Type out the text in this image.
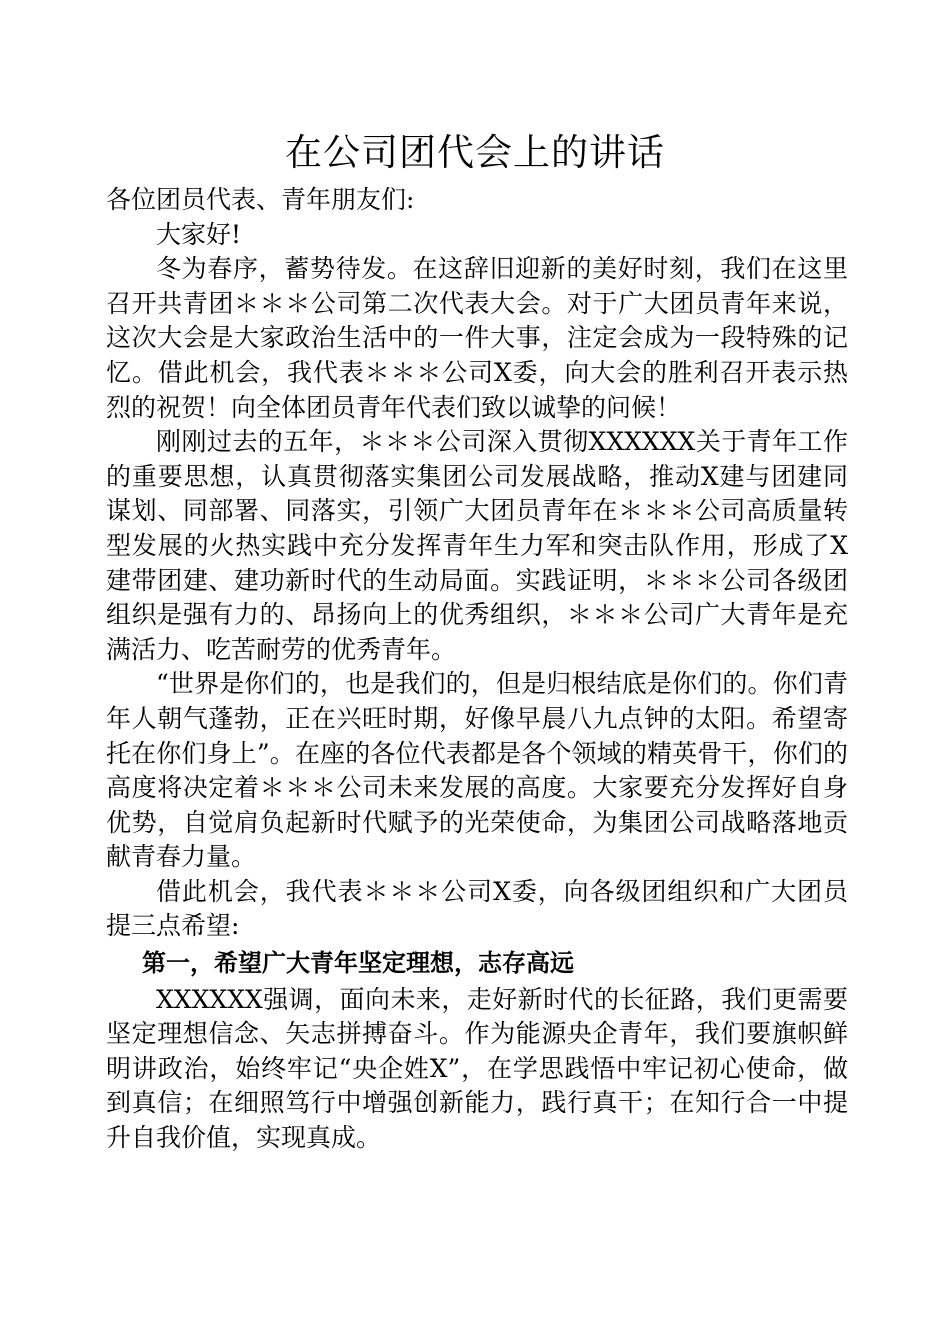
在公司团代会上的讲话

各位团员代表、青年朋友们:

大家好!

冬为春序，蓄势待发。在这辞旧迎新的美好时刻，我们在这里召开共青团＊＊＊公司第二次代表大会。对于广大团员青年来说，这次大会是大家政治生活中的一件大事，注定会成为一段特殊的记忆。借此机会，我代表＊＊＊公司X委，向大会的胜利召开表示热烈的祝贺！向全体团员青年代表们致以诚挚的问候！

刚刚过去的五年，＊＊＊公司深入贯彻XXXXXX关于青年工作的重要思想，认真贯彻落实集团公司发展战略，推动X建与团建同谋划、同部署、同落实，引领广大团员青年在＊＊＊公司高质量转型发展的火热实践中充分发挥青年生力军和突击队作用，形成了X建带团建、建功新时代的生动局面。实践证明，＊＊＊公司各级团组织是强有力的、昂扬向上的优秀组织，＊＊＊公司广大青年是充满活力、吃苦耐劳的优秀青年。

“世界是你们的，也是我们的，但是归根结底是你们的。你们青年人朝气蓬勃，正在兴旺时期，好像早晨八九点钟的太阳。希望寄托在你们身上”。在座的各位代表都是各个领域的精英骨干，你们的高度将决定着＊＊＊公司未来发展的高度。大家要充分发挥好自身优势，自觉肩负起新时代赋予的光荣使命，为集团公司战略落地贡献青春力量。

借此机会，我代表＊＊＊公司X委，向各级团组织和广大团员提三点希望:

第一，希望广大青年坚定理想，志存高远

XXXXXX强调，面向未来，走好新时代的长征路，我们更需要坚定理想信念、矢志拼搏奋斗。作为能源央企青年，我们要旗帜鲜明讲政治，始终牢记“央企姓X”，在学思践悟中牢记初心使命，做到真信；在细照笃行中增强创新能力，践行真干；在知行合一中提升自我价值，实现真成。
